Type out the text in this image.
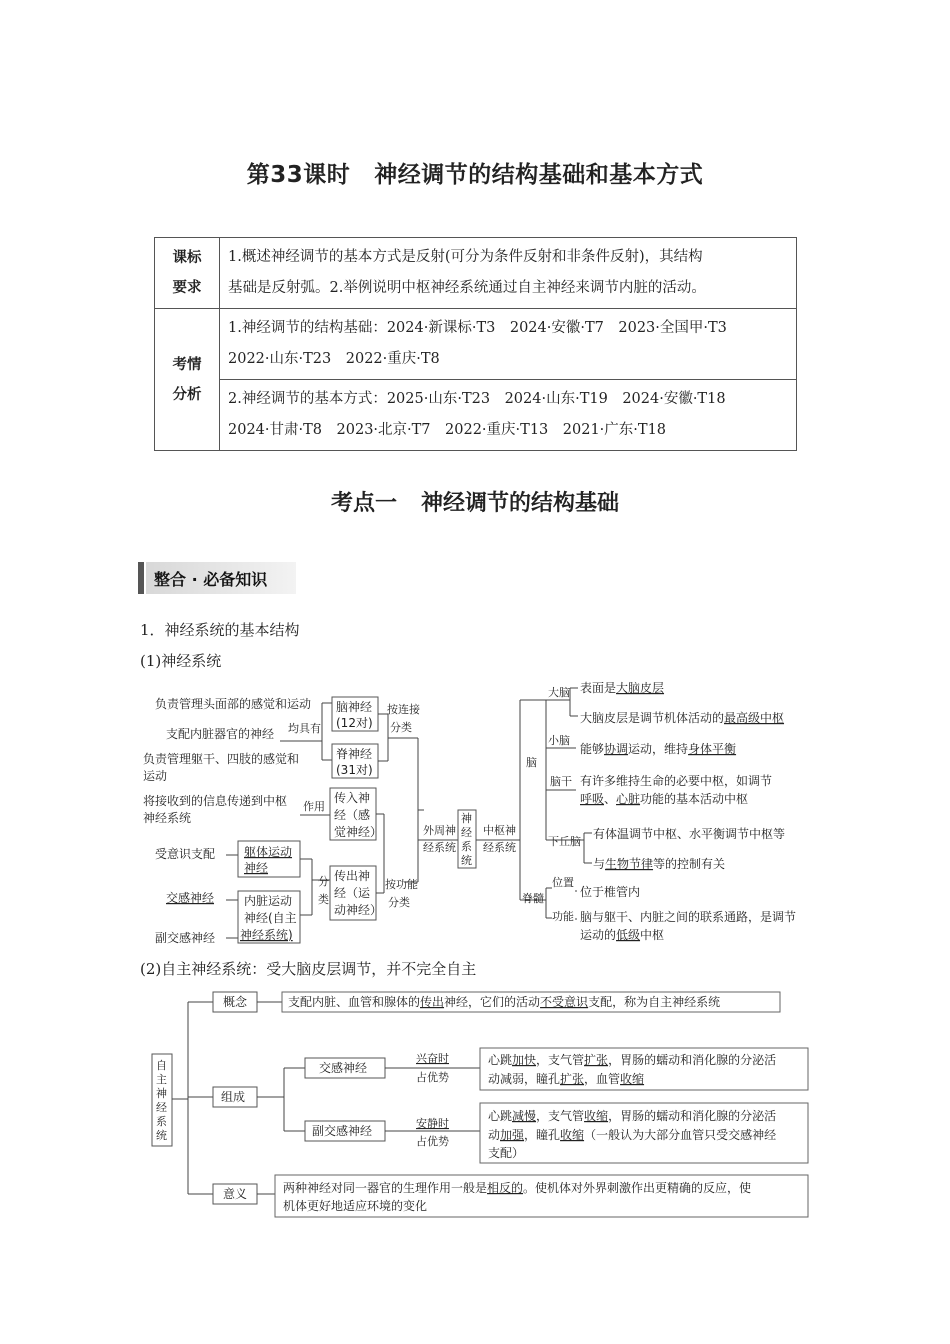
第33课时 神经调节的结构基础和基本方式
课标
要求	1.概述神经调节的基本方式是反射(可分为条件反射和非条件反射)，其结构
基础是反射弧。2.举例说明中枢神经系统通过自主神经来调节内脏的活动。
考情
分析	1.神经调节的结构基础：2024·新课标·T3　2024·安徽·T7　2023·全国甲·T3
2022·山东·T23　2022·重庆·T8
	2.神经调节的基本方式：2025·山东·T23　2024·山东·T19　2024·安徽·T18
2024·甘肃·T8　2023·北京·T7　2022·重庆·T13　2021·广东·T18
考点一 神经调节的结构基础
整合 · 必备知识
1．神经系统的基本结构
(1)神经系统
负责管理头面部的感觉和运动
支配内脏器官的神经
负责管理躯干、四肢的感觉和
运动
将接收到的信息传递到中枢
神经系统
受意识支配
交感神经
副交感神经
均具有
作用
脑神经
(12对)
脊神经
(31对)
按连接
分类
传入神
经（感
觉神经）
传出神
经（运
动神经）
按功能
分类
分
类
躯体运动
神经
内脏运动
神经(自主
神经系统)
外周神
经系统
神
经
系
统
中枢神
经系统
脑
大脑
小脑
脑干
下丘脑
脊髓
位置
功能
表面是大脑皮层
大脑皮层是调节机体活动的最高级中枢
能够协调运动，维持身体平衡
有许多维持生命的必要中枢，如调节
呼吸、心脏功能的基本活动中枢
有体温调节中枢、水平衡调节中枢等
与生物节律等的控制有关
位于椎管内
脑与躯干、内脏之间的联系通路，是调节
运动的低级中枢
(2)自主神经系统：受大脑皮层调节，并不完全自主
自
主
神
经
系
统
概念	支配内脏、血管和腺体的传出神经，它们的活动不受意识支配，称为自主神经系统
组成
交感神经
兴奋时
占优势
心跳加快，支气管扩张，胃肠的蠕动和消化腺的分泌活
动减弱，瞳孔扩张，血管收缩
副交感神经
安静时
占优势
心跳减慢，支气管收缩，胃肠的蠕动和消化腺的分泌活
动加强，瞳孔收缩（一般认为大部分血管只受交感神经
支配）
意义	两种神经对同一器官的生理作用一般是相反的。使机体对外界刺激作出更精确的反应，使
机体更好地适应环境的变化
